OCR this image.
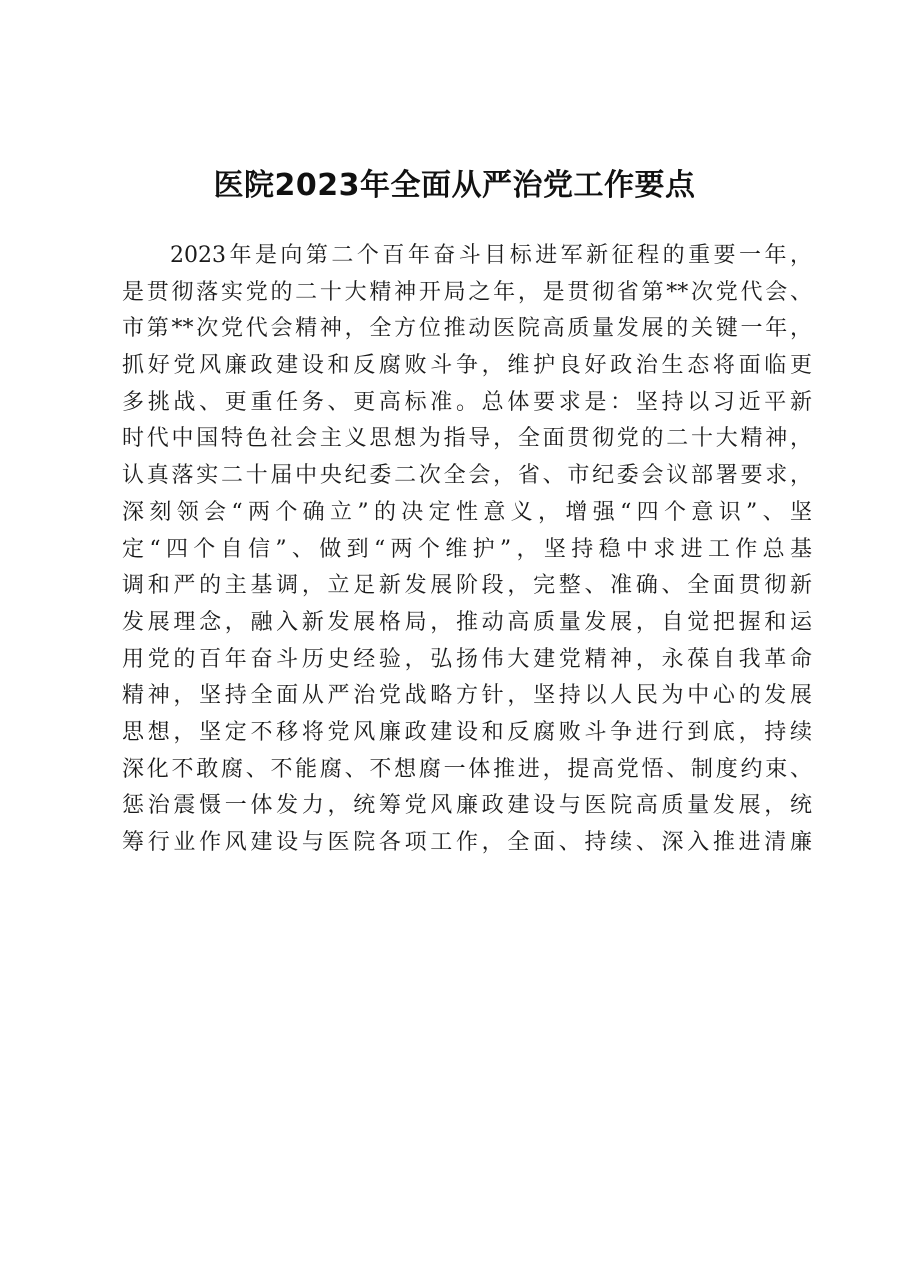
医院2023年全面从严治党工作要点
2023年是向第二个百年奋斗目标进军新征程的重要一年，
是贯彻落实党的二十大精神开局之年，是贯彻省第**次党代会、
市第**次党代会精神，全方位推动医院高质量发展的关键一年，
抓好党风廉政建设和反腐败斗争，维护良好政治生态将面临更
多挑战、更重任务、更高标准。总体要求是：坚持以习近平新
时代中国特色社会主义思想为指导，全面贯彻党的二十大精神，
认真落实二十届中央纪委二次全会，省、市纪委会议部署要求，
深刻领会“两个确立”的决定性意义，增强“四个意识”、坚
定“四个自信”、做到“两个维护”，坚持稳中求进工作总基
调和严的主基调，立足新发展阶段，完整、准确、全面贯彻新
发展理念，融入新发展格局，推动高质量发展，自觉把握和运
用党的百年奋斗历史经验，弘扬伟大建党精神，永葆自我革命
精神，坚持全面从严治党战略方针，坚持以人民为中心的发展
思想，坚定不移将党风廉政建设和反腐败斗争进行到底，持续
深化不敢腐、不能腐、不想腐一体推进，提高党悟、制度约束、
惩治震慑一体发力，统筹党风廉政建设与医院高质量发展，统
筹行业作风建设与医院各项工作，全面、持续、深入推进清廉
